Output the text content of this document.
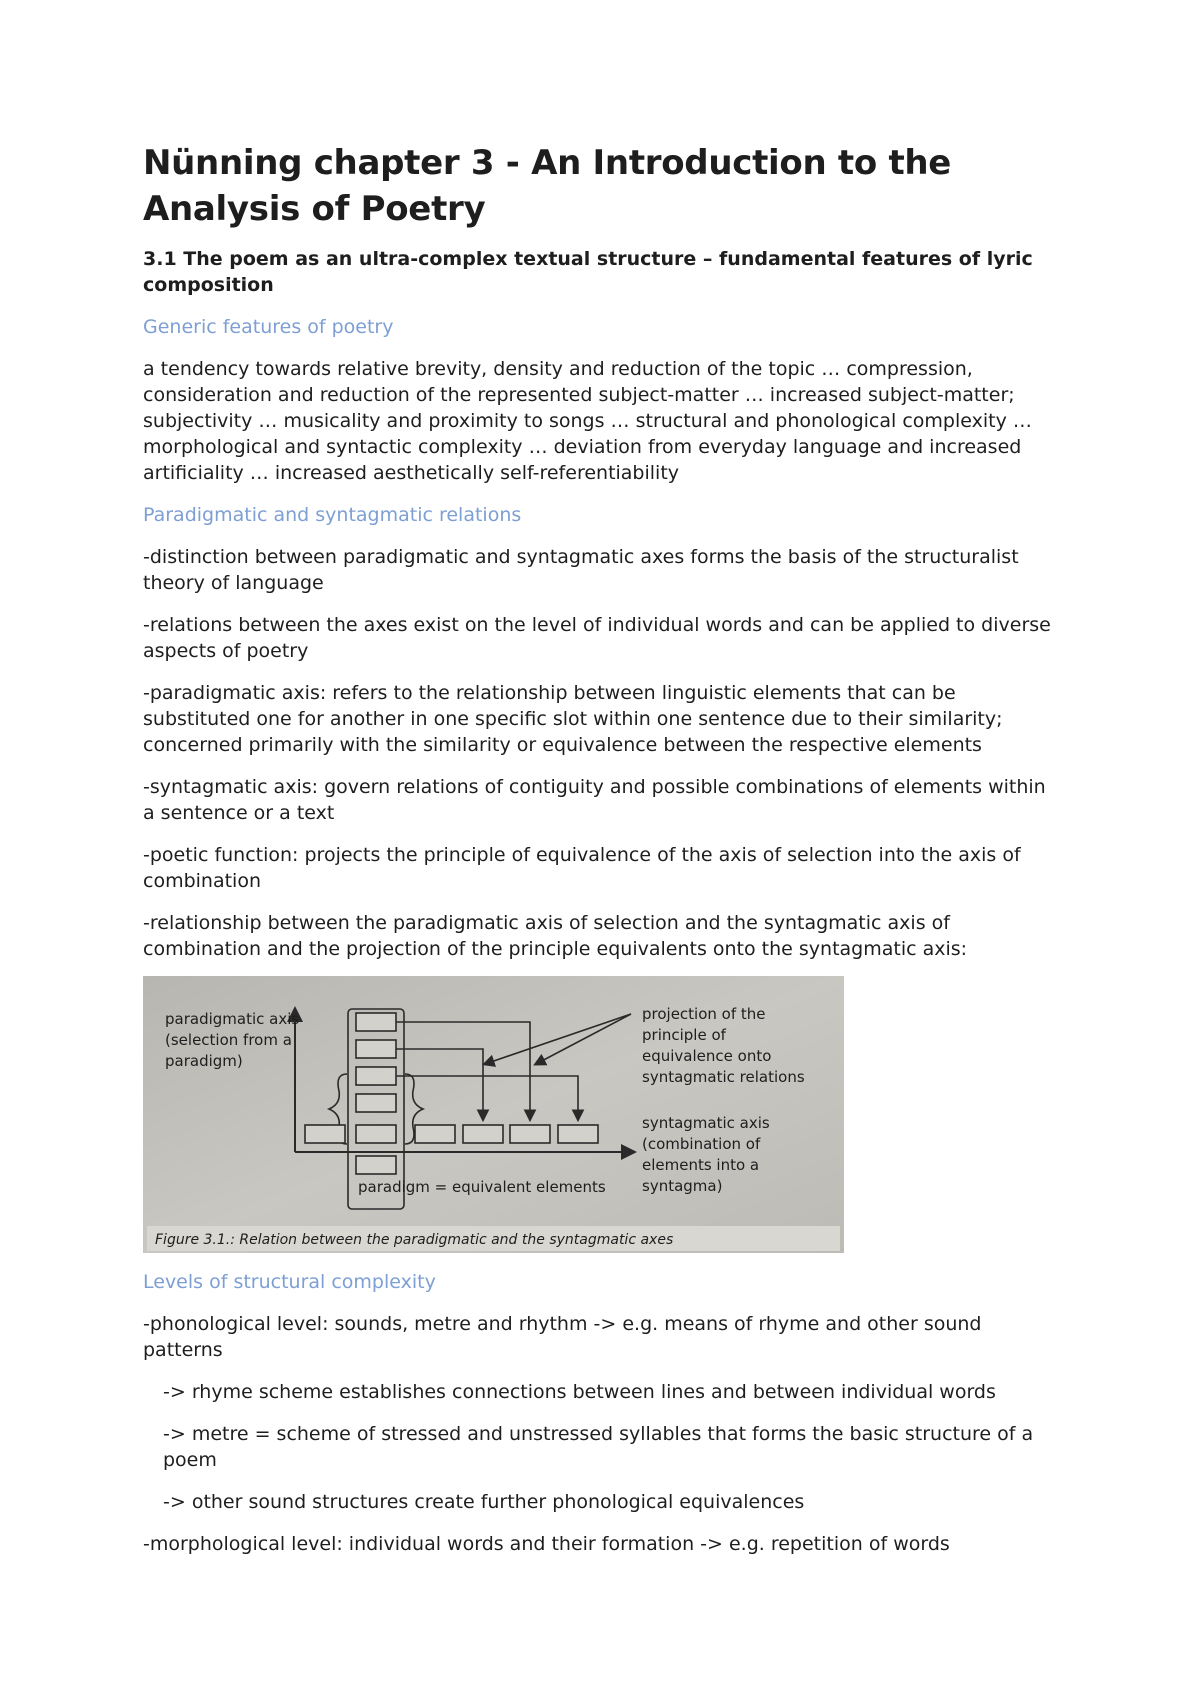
Nünning chapter 3 - An Introduction to the Analysis of Poetry
3.1 The poem as an ultra-complex textual structure – fundamental features of lyric composition
Generic features of poetry

a tendency towards relative brevity, density and reduction of the topic … compression, consideration and reduction of the represented subject-matter … increased subject-matter; subjectivity … musicality and proximity to songs … structural and phonological complexity … morphological and syntactic complexity … deviation from everyday language and increased artificiality … increased aesthetically self-referentiability

Paradigmatic and syntagmatic relations

-distinction between paradigmatic and syntagmatic axes forms the basis of the structuralist theory of language

-relations between the axes exist on the level of individual words and can be applied to diverse aspects of poetry

-paradigmatic axis: refers to the relationship between linguistic elements that can be substituted one for another in one specific slot within one sentence due to their similarity; concerned primarily with the similarity or equivalence between the respective elements

-syntagmatic axis: govern relations of contiguity and possible combinations of elements within a sentence or a text

-poetic function: projects the principle of equivalence of the axis of selection into the axis of combination

-relationship between the paradigmatic axis of selection and the syntagmatic axis of combination and the projection of the principle equivalents onto the syntagmatic axis:

paradigmatic axis
(selection from a
paradigm)
projection of the
principle of
equivalence onto
syntagmatic relations
syntagmatic axis
(combination of
elements into a
syntagma)
paradigm = equivalent elements
Figure 3.1.: Relation between the paradigmatic and the syntagmatic axes
Levels of structural complexity

-phonological level: sounds, metre and rhythm -> e.g. means of rhyme and other sound patterns

-> rhyme scheme establishes connections between lines and between individual words

-> metre = scheme of stressed and unstressed syllables that forms the basic structure of a poem

-> other sound structures create further phonological equivalences

-morphological level: individual words and their formation -> e.g. repetition of words
